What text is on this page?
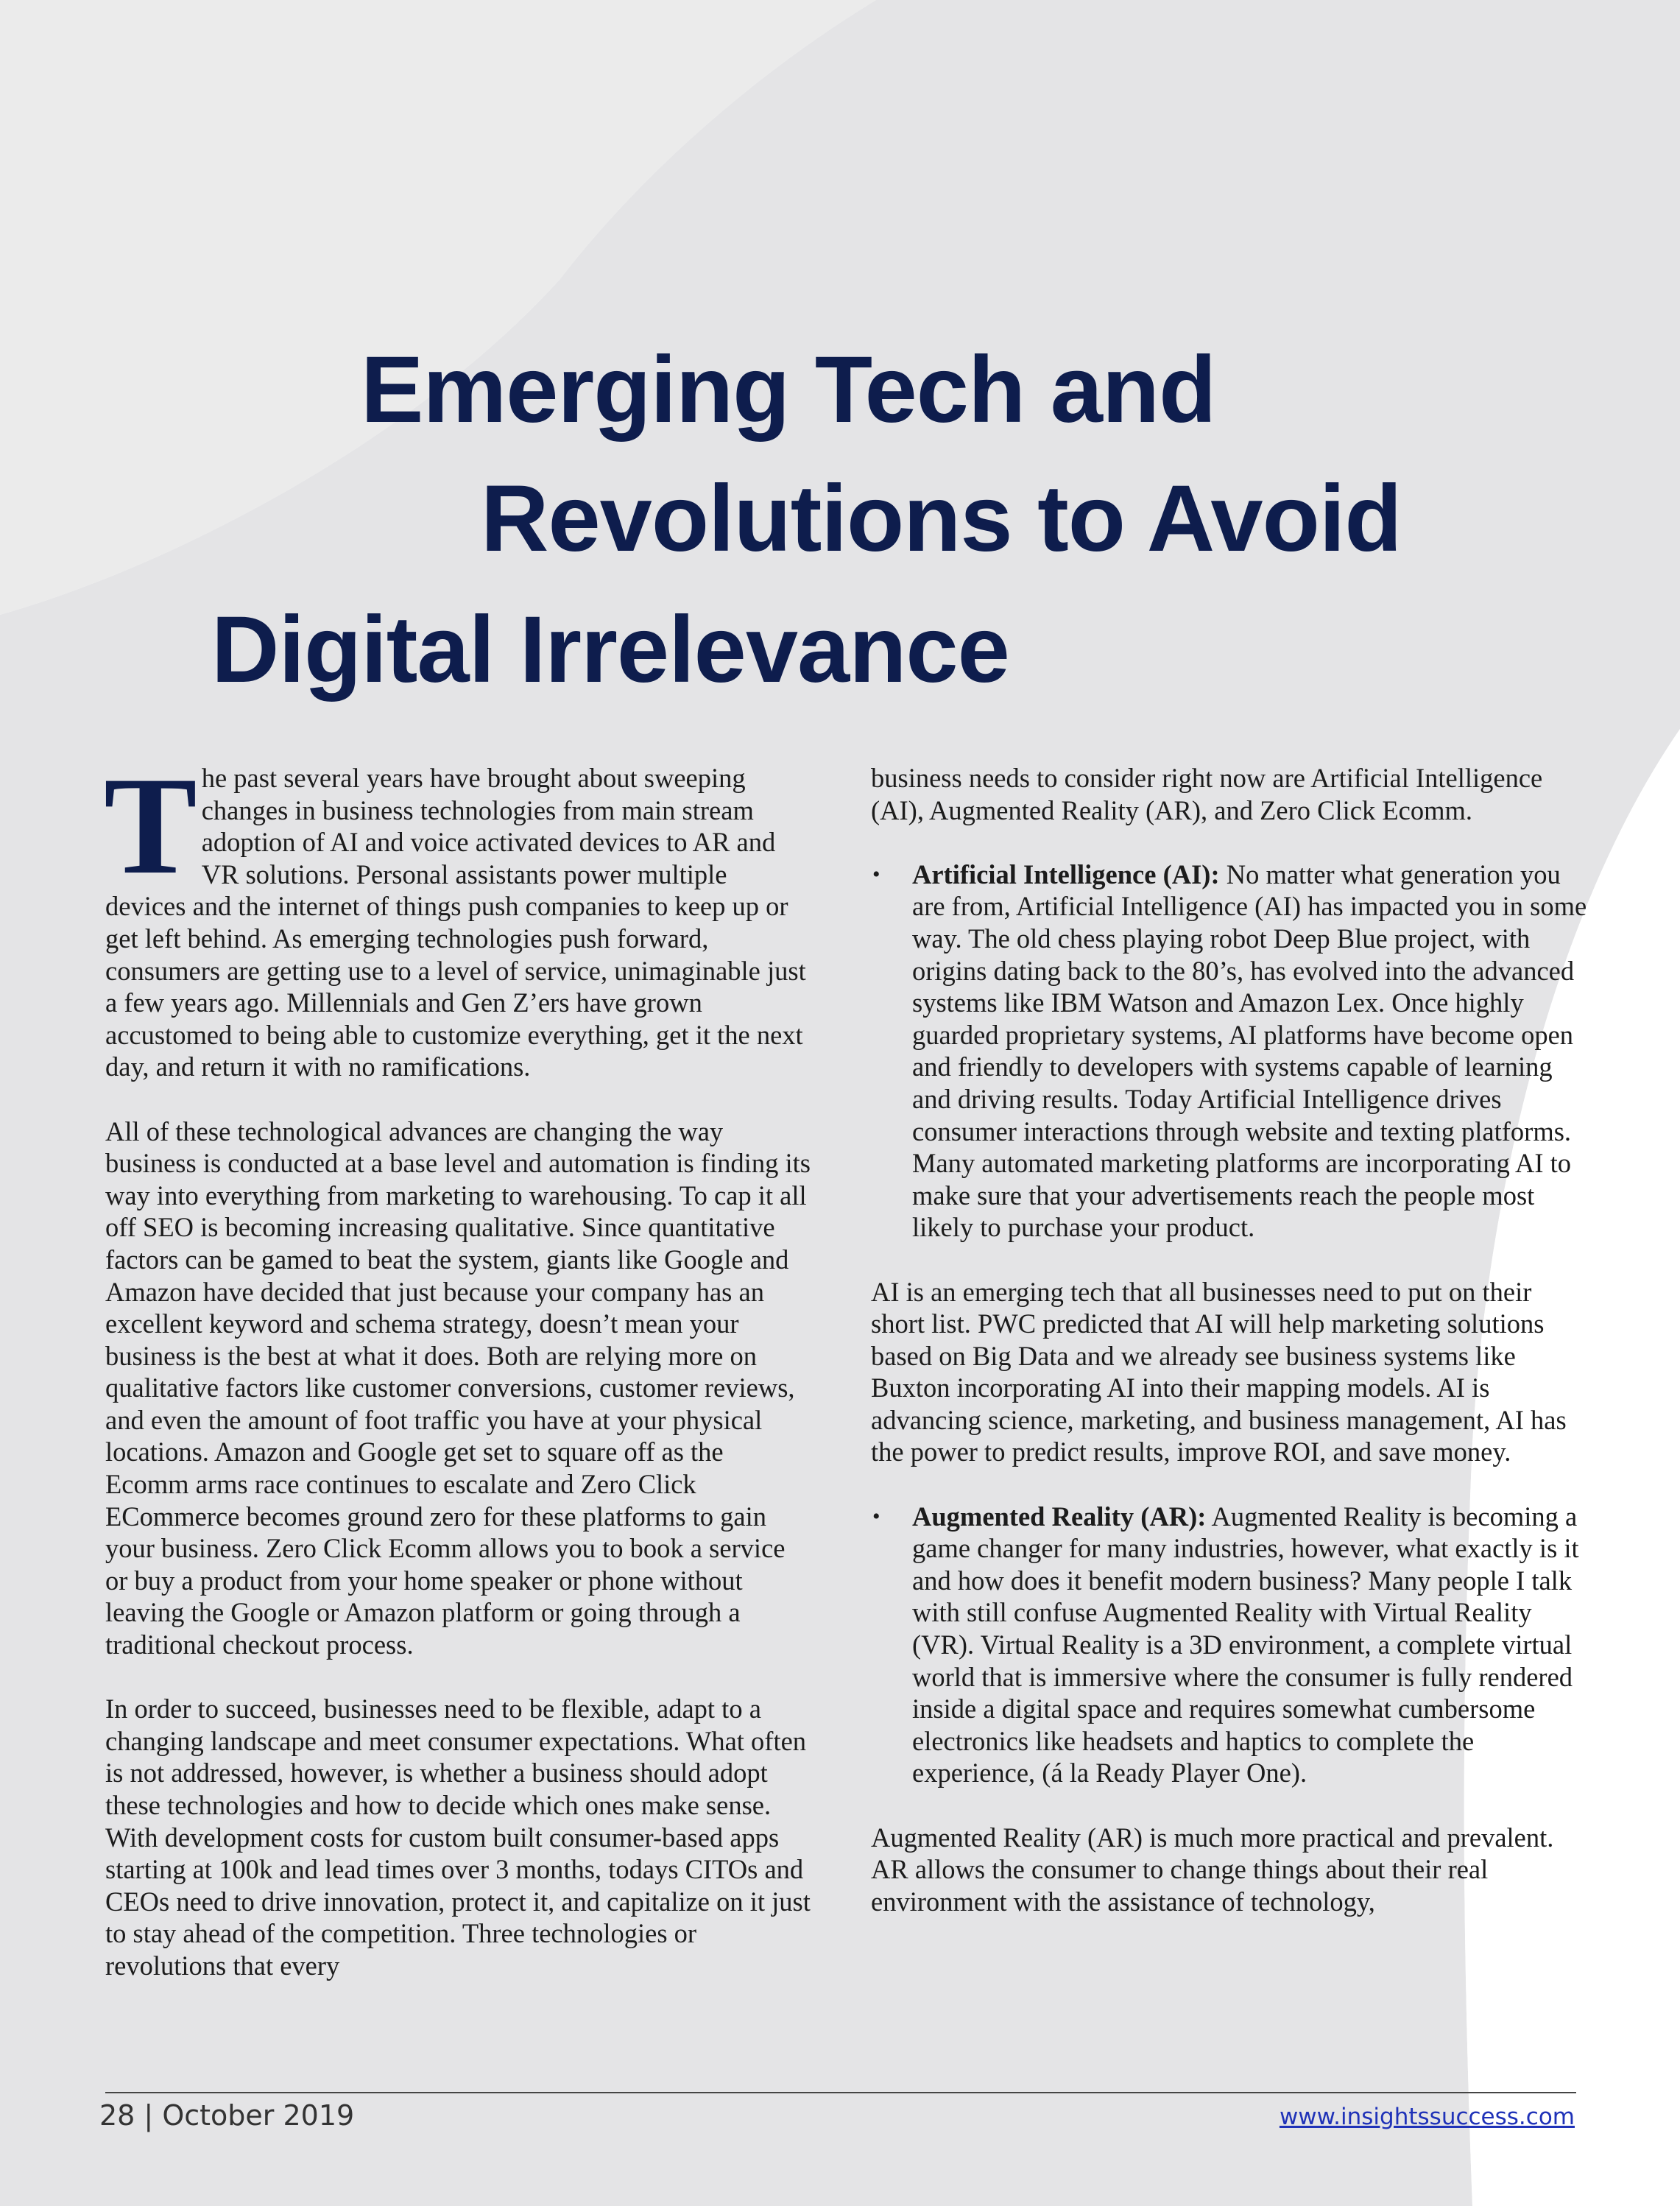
Emerging Tech and
Revolutions to Avoid
Digital Irrelevance

The past several years have brought about sweeping changes in business technologies from main stream adoption of AI and voice activated devices to AR and VR solutions. Personal assistants power multiple devices and the internet of things push companies to keep up or get left behind. As emerging technologies push forward, consumers are getting use to a level of service, unimaginable just a few years ago. Millennials and Gen Z’ers have grown accustomed to being able to customize everything, get it the next day, and return it with no ramifications.

All of these technological advances are changing the way business is conducted at a base level and automation is finding its way into everything from marketing to warehousing. To cap it all off SEO is becoming increasing qualitative. Since quantitative factors can be gamed to beat the system, giants like Google and Amazon have decided that just because your company has an excellent keyword and schema strategy, doesn’t mean your business is the best at what it does. Both are relying more on qualitative factors like customer conversions, customer reviews, and even the amount of foot traffic you have at your physical locations. Amazon and Google get set to square off as the Ecomm arms race continues to escalate and Zero Click ECommerce becomes ground zero for these platforms to gain your business. Zero Click Ecomm allows you to book a service or buy a product from your home speaker or phone without leaving the Google or Amazon platform or going through a traditional checkout process.

In order to succeed, businesses need to be flexible, adapt to a changing landscape and meet consumer expectations. What often is not addressed, however, is whether a business should adopt these technologies and how to decide which ones make sense. With development costs for custom built consumer-based apps starting at 100k and lead times over 3 months, todays CITOs and CEOs need to drive innovation, protect it, and capitalize on it just to stay ahead of the competition. Three technologies or revolutions that every

business needs to consider right now are Artificial Intelligence (AI), Augmented Reality (AR), and Zero Click Ecomm.

• Artificial Intelligence (AI): No matter what generation you are from, Artificial Intelligence (AI) has impacted you in some way. The old chess playing robot Deep Blue project, with origins dating back to the 80’s, has evolved into the advanced systems like IBM Watson and Amazon Lex. Once highly guarded proprietary systems, AI platforms have become open and friendly to developers with systems capable of learning and driving results. Today Artificial Intelligence drives consumer interactions through website and texting platforms. Many automated marketing platforms are incorporating AI to make sure that your advertisements reach the people most likely to purchase your product.

AI is an emerging tech that all businesses need to put on their short list. PWC predicted that AI will help marketing solutions based on Big Data and we already see business systems like Buxton incorporating AI into their mapping models. AI is advancing science, marketing, and business management, AI has the power to predict results, improve ROI, and save money.

• Augmented Reality (AR): Augmented Reality is becoming a game changer for many industries, however, what exactly is it and how does it benefit modern business? Many people I talk with still confuse Augmented Reality with Virtual Reality (VR). Virtual Reality is a 3D environment, a complete virtual world that is immersive where the consumer is fully rendered inside a digital space and requires somewhat cumbersome electronics like headsets and haptics to complete the experience, (á la Ready Player One).

Augmented Reality (AR) is much more practical and prevalent. AR allows the consumer to change things about their real environment with the assistance of technology,

28 | October 2019	www.insightssuccess.com
